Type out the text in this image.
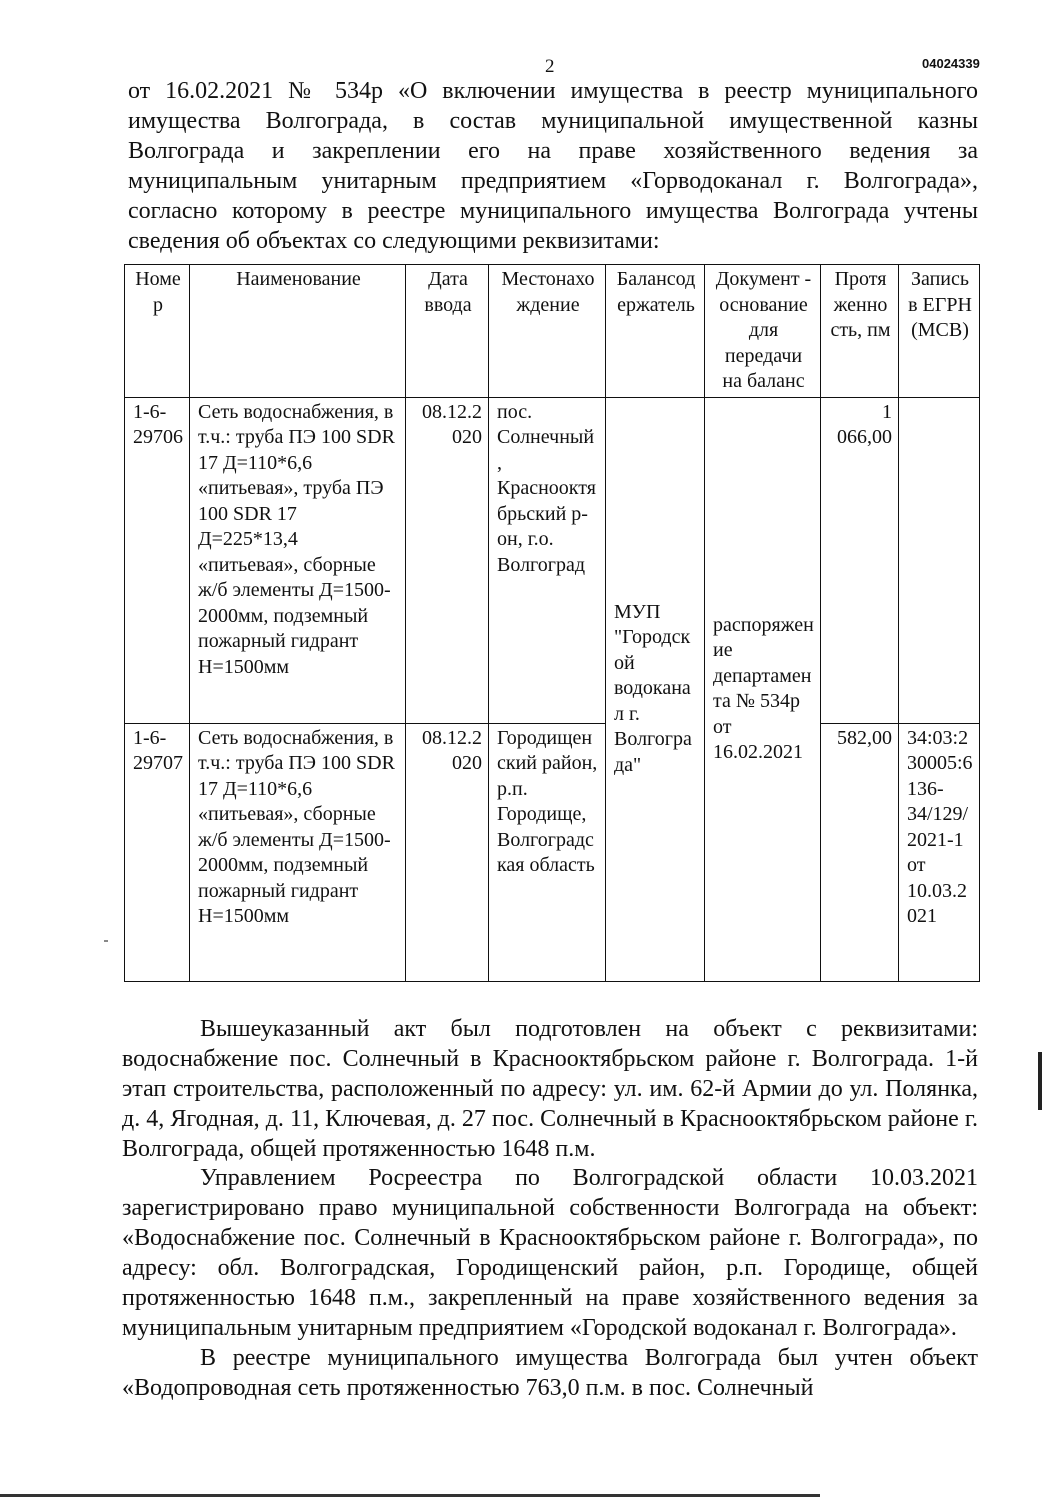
2	04024339
от 16.02.2021 № 534р «О включении имущества в реестр муниципального имущества Волгограда, в состав муниципальной имущественной казны Волгограда и закреплении его на праве хозяйственного ведения за муниципальным унитарным предприятием «Горводоканал г. Волгограда», согласно которому в реестре муниципального имущества Волгограда учтены сведения об объектах со следующими реквизитами:
Номер	Наименование	Дата ввода	Местонахождение	Балансодержатель	Документ - основание для передачи на баланс	Протяженность, пм	Запись в ЕГРН (МСВ)
1-6-29706	Сеть водоснабжения, в т.ч.: труба ПЭ 100 SDR 17 Д=110*6,6 «питьевая», труба ПЭ 100 SDR 17 Д=225*13,4 «питьевая», сборные ж/б элементы Д=1500-2000мм, подземный пожарный гидрант Н=1500мм	08.12.2020	пос. Солнечный, Краснооктябрьский р-он, г.о. Волгоград	МУП "Городской водоканал г. Волгограда"	распоряжение департамента № 534р от 16.02.2021	1 066,00	
1-6-29707	Сеть водоснабжения, в т.ч.: труба ПЭ 100 SDR 17 Д=110*6,6 «питьевая», сборные ж/б элементы Д=1500-2000мм, подземный пожарный гидрант Н=1500мм	08.12.2020	Городищенский район, р.п. Городище, Волгоградская область			582,00	34:03:230005:6136-34/129/2021-1 от 10.03.2021
Вышеуказанный акт был подготовлен на объект с реквизитами: водоснабжение пос. Солнечный в Краснооктябрьском районе г. Волгограда. 1-й этап строительства, расположенный по адресу: ул. им. 62-й Армии до ул. Полянка, д. 4, Ягодная, д. 11, Ключевая, д. 27 пос. Солнечный в Краснооктябрьском районе г. Волгограда, общей протяженностью 1648 п.м.
Управлением Росреестра по Волгоградской области 10.03.2021 зарегистрировано право муниципальной собственности Волгограда на объект: «Водоснабжение пос. Солнечный в Краснооктябрьском районе г. Волгограда», по адресу: обл. Волгоградская, Городищенский район, р.п. Городище, общей протяженностью 1648 п.м., закрепленный на праве хозяйственного ведения за муниципальным унитарным предприятием «Городской водоканал г. Волгограда».
В реестре муниципального имущества Волгограда был учтен объект «Водопроводная сеть протяженностью 763,0 п.м. в пос. Солнечный
